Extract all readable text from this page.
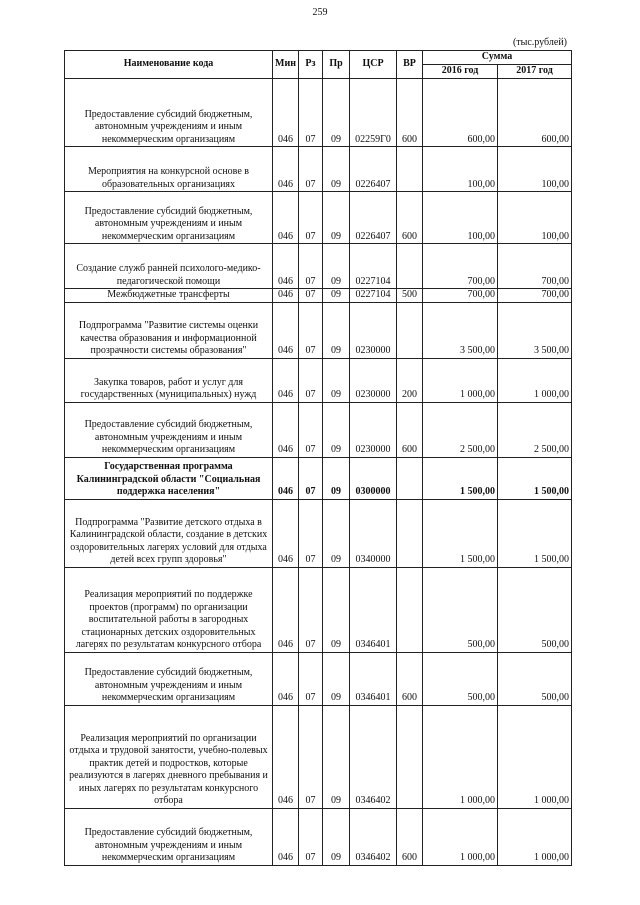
259
(тыс.рублей)
Наименование кода	Мин	Рз	Пр	ЦСР	ВР	Сумма	
						2016 год	2017 год
Предоставление субсидий бюджетным, автономным учреждениям и иным некоммерческим организациям	046	07	09	02259Г0	600	600,00	600,00
Мероприятия на конкурсной основе в образовательных организациях	046	07	09	0226407		100,00	100,00
Предоставление субсидий бюджетным, автономным учреждениям и иным некоммерческим организациям	046	07	09	0226407	600	100,00	100,00
Создание служб ранней психолого-медико-педагогической помощи	046	07	09	0227104		700,00	700,00
Межбюджетные трансферты	046	07	09	0227104	500	700,00	700,00
Подпрограмма "Развитие системы оценки качества образования и информационной прозрачности системы образования"	046	07	09	0230000		3 500,00	3 500,00
Закупка товаров, работ и услуг для государственных (муниципальных) нужд	046	07	09	0230000	200	1 000,00	1 000,00
Предоставление субсидий бюджетным, автономным учреждениям и иным некоммерческим организациям	046	07	09	0230000	600	2 500,00	2 500,00
Государственная программа Калининградской области "Социальная поддержка населения"	046	07	09	0300000		1 500,00	1 500,00
Подпрограмма "Развитие детского отдыха в Калининградской области, создание в детских оздоровительных лагерях условий для отдыха детей всех групп здоровья"	046	07	09	0340000		1 500,00	1 500,00
Реализация мероприятий по поддержке проектов (программ) по организации воспитательной работы в загородных стационарных детских оздоровительных лагерях по результатам конкурсного отбора	046	07	09	0346401		500,00	500,00
Предоставление субсидий бюджетным, автономным учреждениям и иным некоммерческим организациям	046	07	09	0346401	600	500,00	500,00
Реализация мероприятий по организации отдыха и трудовой занятости, учебно-полевых практик детей и подростков, которые реализуются в лагерях дневного пребывания и иных лагерях по результатам конкурсного отбора	046	07	09	0346402		1 000,00	1 000,00
Предоставление субсидий бюджетным, автономным учреждениям и иным некоммерческим организациям	046	07	09	0346402	600	1 000,00	1 000,00
